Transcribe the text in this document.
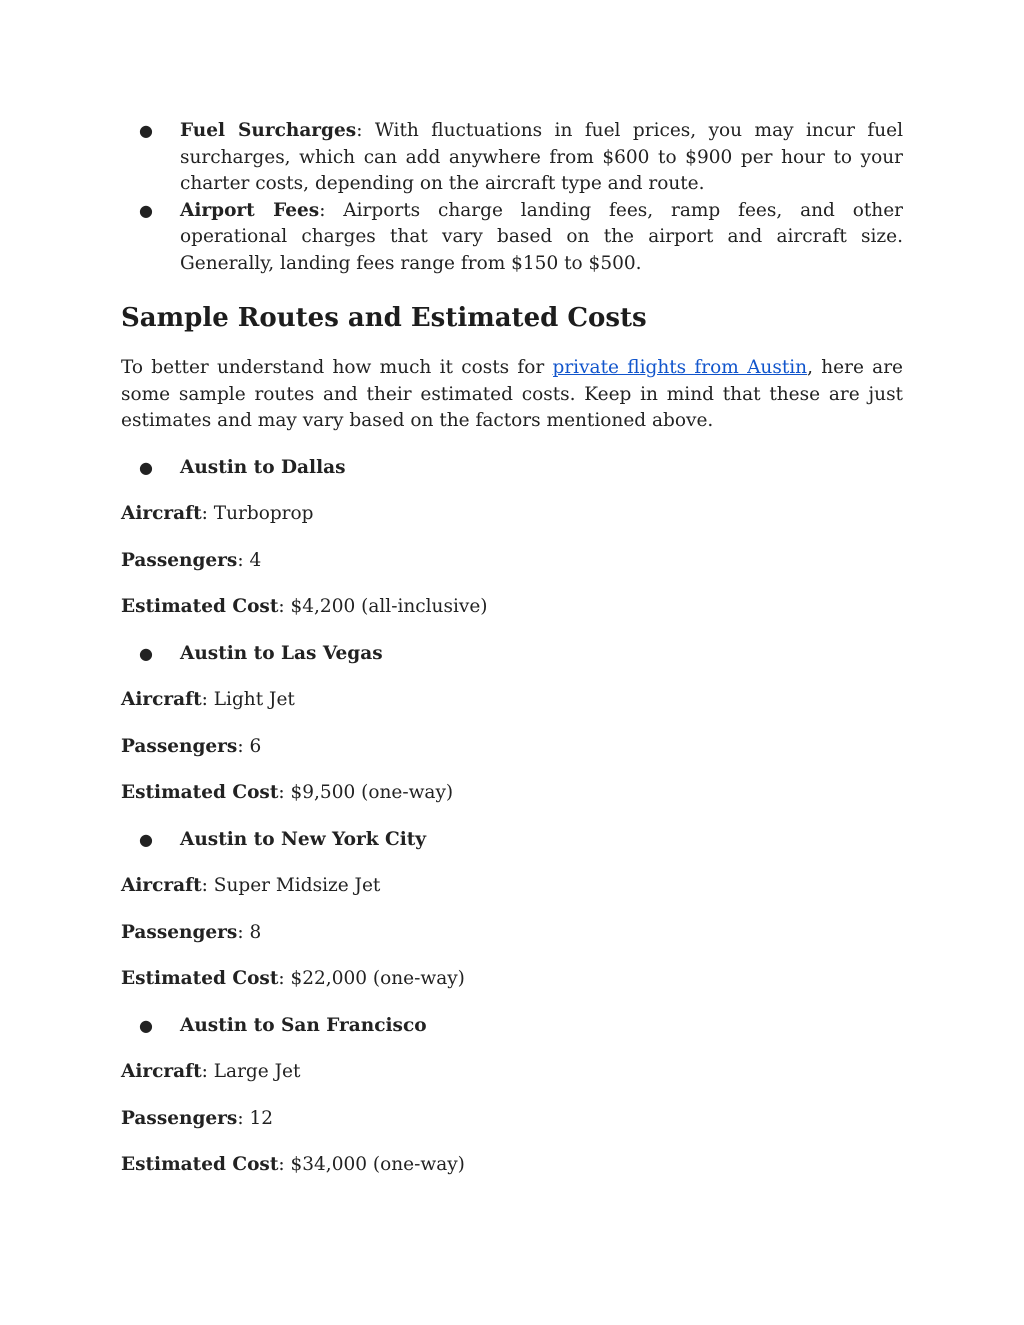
● Fuel Surcharges: With fluctuations in fuel prices, you may incur fuel surcharges, which can add anywhere from $600 to $900 per hour to your charter costs, depending on the aircraft type and route.
● Airport Fees: Airports charge landing fees, ramp fees, and other operational charges that vary based on the airport and aircraft size. Generally, landing fees range from $150 to $500.
Sample Routes and Estimated Costs

To better understand how much it costs for private flights from Austin, here are some sample routes and their estimated costs. Keep in mind that these are just estimates and may vary based on the factors mentioned above.

● Austin to Dallas
Aircraft: Turboprop
Passengers: 4
Estimated Cost: $4,200 (all-inclusive)
● Austin to Las Vegas
Aircraft: Light Jet
Passengers: 6
Estimated Cost: $9,500 (one-way)
● Austin to New York City
Aircraft: Super Midsize Jet
Passengers: 8
Estimated Cost: $22,000 (one-way)
● Austin to San Francisco
Aircraft: Large Jet
Passengers: 12
Estimated Cost: $34,000 (one-way)
